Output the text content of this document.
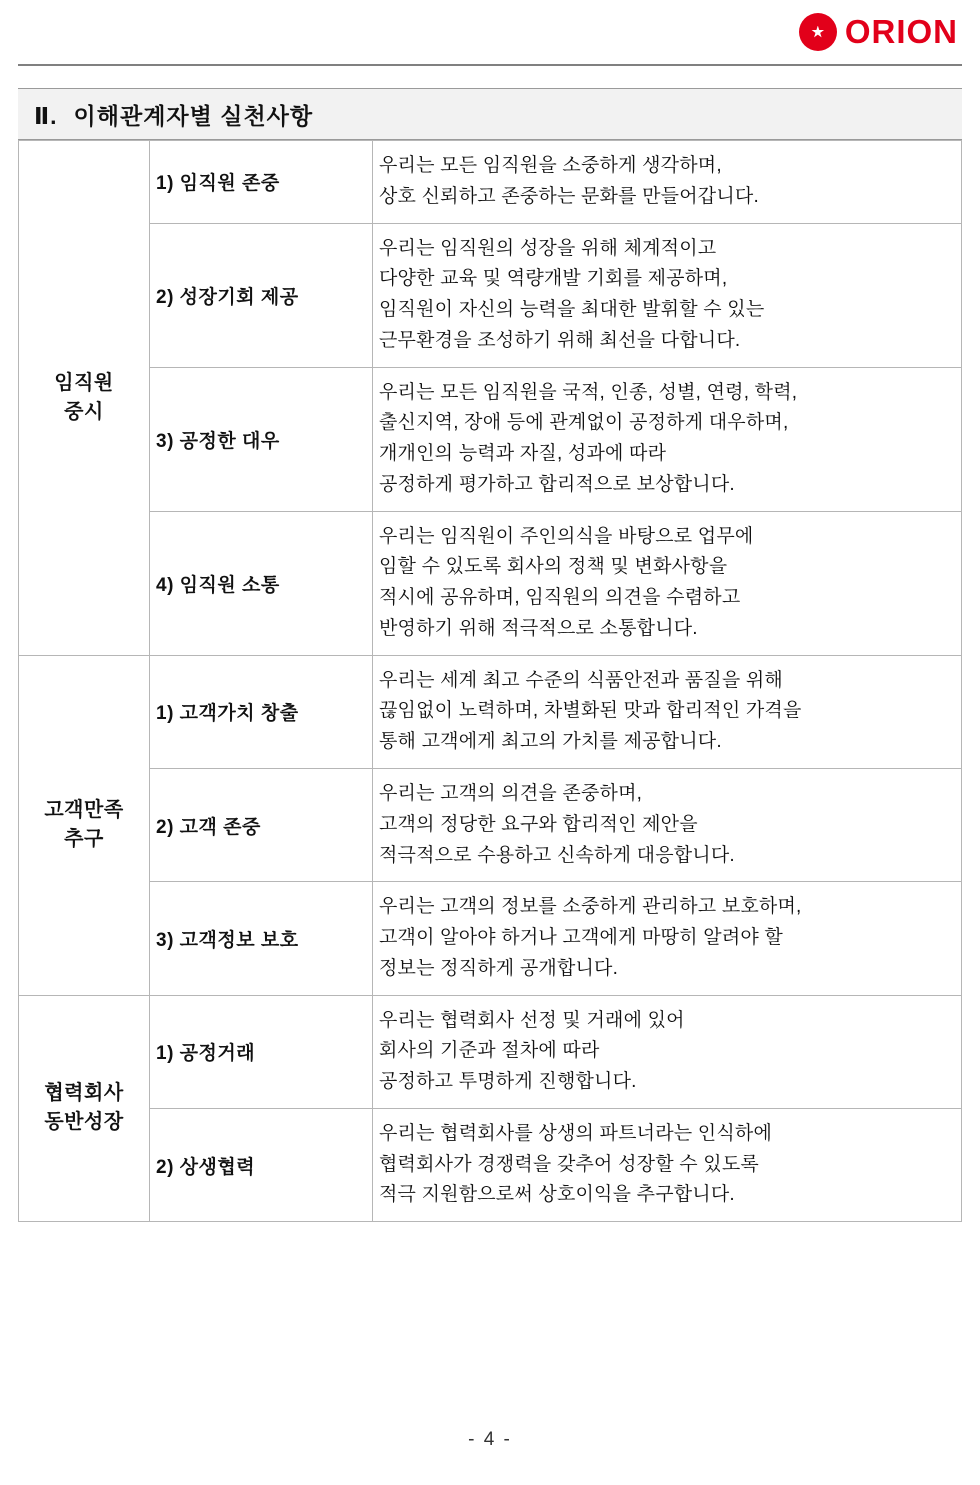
ORION
Ⅱ. 이해관계자별 실천사항
임직원
중시	1) 임직원 존중	우리는 모든 임직원을 소중하게 생각하며,
상호 신뢰하고 존중하는 문화를 만들어갑니다.

	2) 성장기회 제공	우리는 임직원의 성장을 위해 체계적이고
다양한 교육 및 역량개발 기회를 제공하며,
임직원이 자신의 능력을 최대한 발휘할 수 있는
근무환경을 조성하기 위해 최선을 다합니다.

	3) 공정한 대우	우리는 모든 임직원을 국적, 인종, 성별, 연령, 학력,
출신지역, 장애 등에 관계없이 공정하게 대우하며,
개개인의 능력과 자질, 성과에 따라
공정하게 평가하고 합리적으로 보상합니다.

	4) 임직원 소통	우리는 임직원이 주인의식을 바탕으로 업무에
임할 수 있도록 회사의 정책 및 변화사항을
적시에 공유하며, 임직원의 의견을 수렴하고
반영하기 위해 적극적으로 소통합니다.

고객만족
추구	1) 고객가치 창출	우리는 세계 최고 수준의 식품안전과 품질을 위해
끊임없이 노력하며, 차별화된 맛과 합리적인 가격을
통해 고객에게 최고의 가치를 제공합니다.

	2) 고객 존중	우리는 고객의 의견을 존중하며,
고객의 정당한 요구와 합리적인 제안을
적극적으로 수용하고 신속하게 대응합니다.

	3) 고객정보 보호	우리는 고객의 정보를 소중하게 관리하고 보호하며,
고객이 알아야 하거나 고객에게 마땅히 알려야 할
정보는 정직하게 공개합니다.

협력회사
동반성장	1) 공정거래	우리는 협력회사 선정 및 거래에 있어
회사의 기준과 절차에 따라
공정하고 투명하게 진행합니다.

	2) 상생협력	우리는 협력회사를 상생의 파트너라는 인식하에
협력회사가 경쟁력을 갖추어 성장할 수 있도록
적극 지원함으로써 상호이익을 추구합니다.
- 4 -
